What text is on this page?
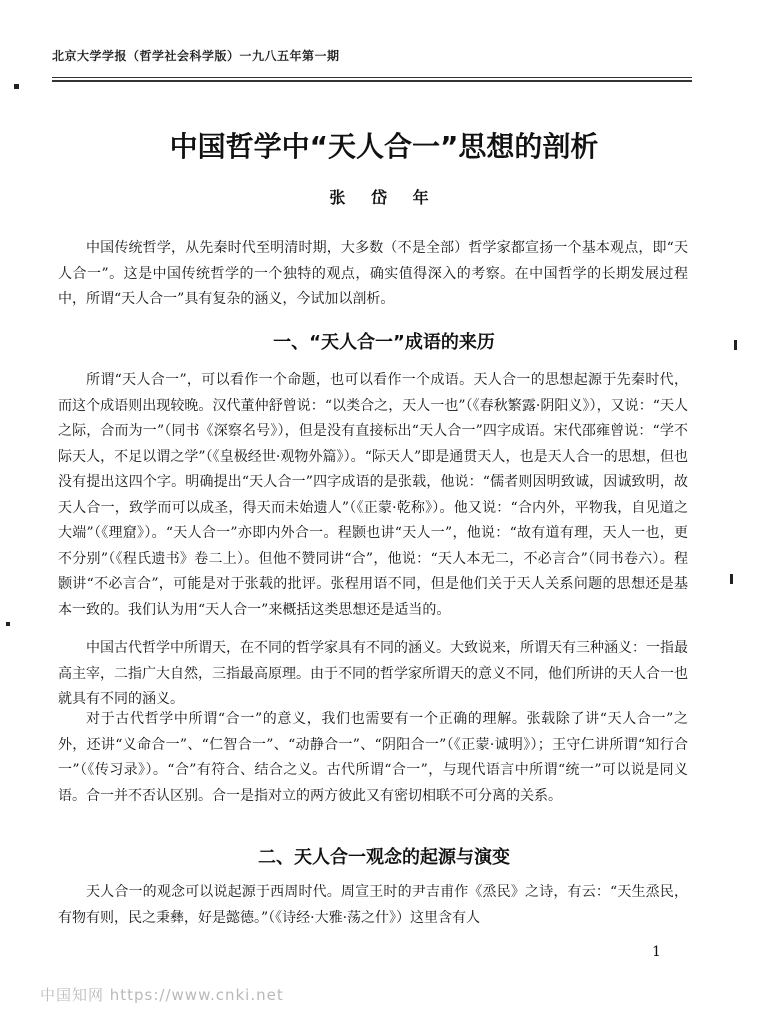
北京大学学报（哲学社会科学版）一九八五年第一期
中国哲学中“天人合一”思想的剖析
张 岱 年

中国传统哲学，从先秦时代至明清时期，大多数（不是全部）哲学家都宣扬一个基本观点，即“天人合一”。这是中国传统哲学的一个独特的观点，确实值得深入的考察。在中国哲学的长期发展过程中，所谓“天人合一”具有复杂的涵义，今试加以剖析。

一、“天人合一”成语的来历

所谓“天人合一”，可以看作一个命题，也可以看作一个成语。天人合一的思想起源于先秦时代，而这个成语则出现较晚。汉代董仲舒曾说：“以类合之，天人一也”（《春秋繁露·阴阳义》），又说：“天人之际，合而为一”（同书《深察名号》），但是没有直接标出“天人合一”四字成语。宋代邵雍曾说：“学不际天人，不足以谓之学”（《皇极经世·观物外篇》）。“际天人”即是通贯天人，也是天人合一的思想，但也没有提出这四个字。明确提出“天人合一”四字成语的是张载，他说：“儒者则因明致诚，因诚致明，故天人合一，致学而可以成圣，得天而未始遗人”（《正蒙·乾称》）。他又说：“合内外，平物我，自见道之大端”（《理窟》）。“天人合一”亦即内外合一。程颢也讲“天人一”，他说：“故有道有理，天人一也，更不分别”（《程氏遗书》卷二上）。但他不赞同讲“合”，他说：“天人本无二，不必言合”（同书卷六）。程颢讲“不必言合”，可能是对于张载的批评。张程用语不同，但是他们关于天人关系问题的思想还是基本一致的。我们认为用“天人合一”来概括这类思想还是适当的。

中国古代哲学中所谓天，在不同的哲学家具有不同的涵义。大致说来，所谓天有三种涵义：一指最高主宰，二指广大自然，三指最高原理。由于不同的哲学家所谓天的意义不同，他们所讲的天人合一也就具有不同的涵义。

对于古代哲学中所谓“合一”的意义，我们也需要有一个正确的理解。张载除了讲“天人合一”之外，还讲“义命合一”、“仁智合一”、“动静合一”、“阴阳合一”（《正蒙·诚明》）；王守仁讲所谓“知行合一”（《传习录》）。“合”有符合、结合之义。古代所谓“合一”，与现代语言中所谓“统一”可以说是同义语。合一并不否认区别。合一是指对立的两方彼此又有密切相联不可分离的关系。

二、天人合一观念的起源与演变

天人合一的观念可以说起源于西周时代。周宣王时的尹吉甫作《烝民》之诗，有云：“天生烝民，有物有则，民之秉彝，好是懿德。”（《诗经·大雅·荡之什》）这里含有人

1
中国知网 https://www.cnki.net
